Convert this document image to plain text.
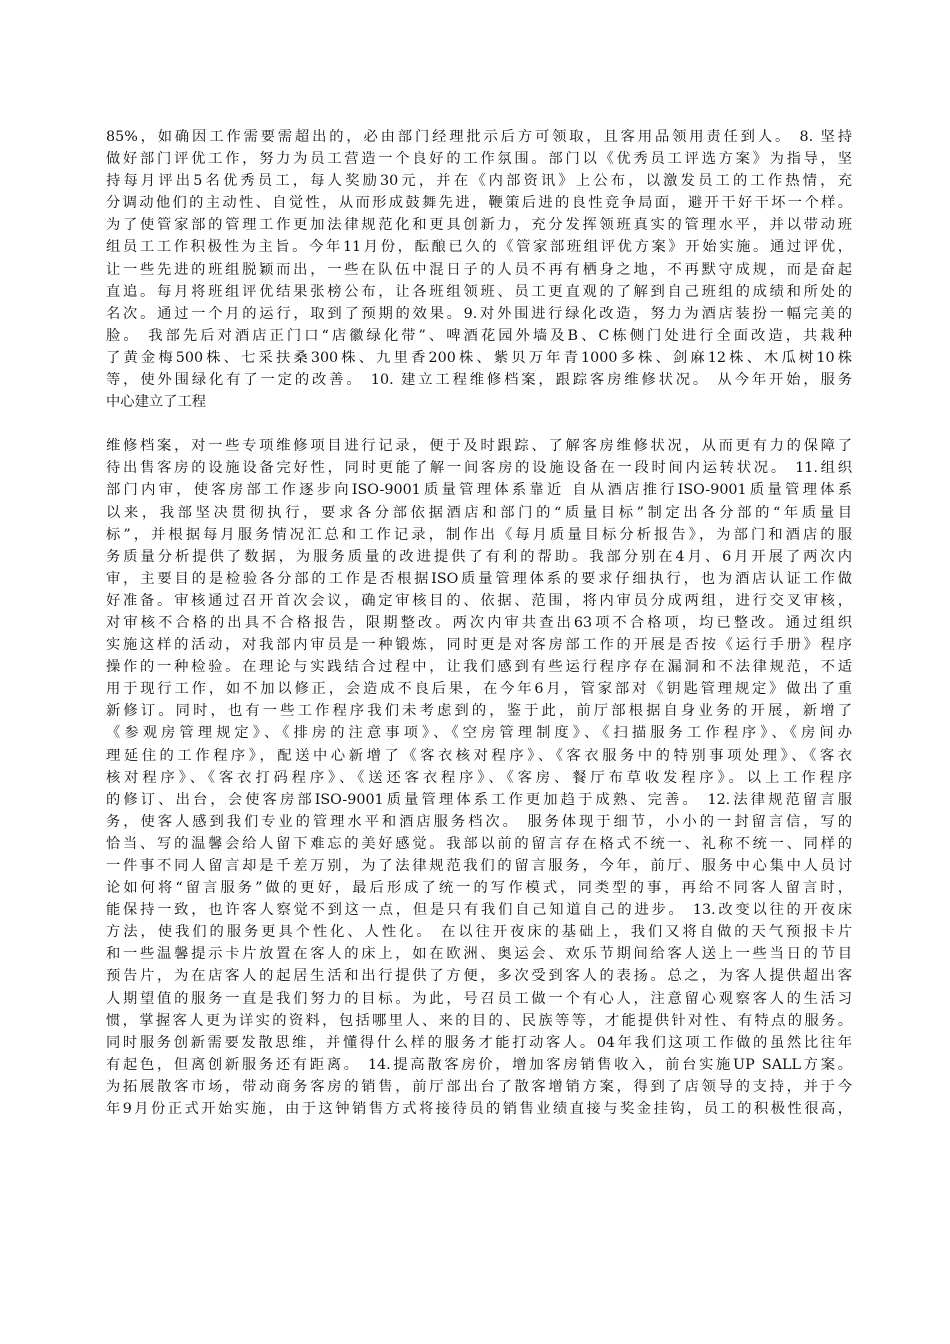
85%，如确因工作需要需超出的，必由部门经理批示后方可领取，且客用品领用责任到人。 8. 坚持
做好部门评优工作，努力为员工营造一个良好的工作氛围。部门以《优秀员工评选方案》为指导，坚
持每月评出5名优秀员工，每人奖励30元，并在《内部资讯》上公布，以激发员工的工作热情，充
分调动他们的主动性、自觉性，从而形成鼓舞先进，鞭策后进的良性竞争局面，避开干好干坏一个样。
为了使管家部的管理工作更加法律规范化和更具创新力，充分发挥领班真实的管理水平，并以带动班
组员工工作积极性为主旨。今年11月份，酝酿已久的《管家部班组评优方案》开始实施。通过评优，
让一些先进的班组脱颖而出，一些在队伍中混日子的人员不再有栖身之地，不再默守成规，而是奋起
直追。每月将班组评优结果张榜公布，让各班组领班、员工更直观的了解到自己班组的成绩和所处的
名次。通过一个月的运行，取到了预期的效果。9.对外围进行绿化改造，努力为酒店装扮一幅完美的
脸。 我部先后对酒店正门口“店徽绿化带”、啤酒花园外墙及B、C栋侧门处进行全面改造，共栽种
了黄金梅500株、七采扶桑300株、九里香200株、紫贝万年青1000多株、剑麻12株、木瓜树10株
等，使外围绿化有了一定的改善。 10. 建立工程维修档案，跟踪客房维修状况。 从今年开始，服务
中心建立了工程
维修档案，对一些专项维修项目进行记录，便于及时跟踪、了解客房维修状况，从而更有力的保障了
待出售客房的设施设备完好性，同时更能了解一间客房的设施设备在一段时间内运转状况。 11.组织
部门内审，使客房部工作逐步向ISO-9001质量管理体系靠近 自从酒店推行ISO-9001质量管理体系
以来，我部坚决贯彻执行，要求各分部依据酒店和部门的“质量目标”制定出各分部的“年质量目
标”，并根据每月服务情况汇总和工作记录，制作出《每月质量目标分析报告》，为部门和酒店的服
务质量分析提供了数据，为服务质量的改进提供了有利的帮助。我部分别在4月、6月开展了两次内
审，主要目的是检验各分部的工作是否根据ISO质量管理体系的要求仔细执行，也为酒店认证工作做
好准备。审核通过召开首次会议，确定审核目的、依据、范围，将内审员分成两组，进行交叉审核，
对审核不合格的出具不合格报告，限期整改。两次内审共查出63项不合格项，均已整改。通过组织
实施这样的活动，对我部内审员是一种锻炼，同时更是对客房部工作的开展是否按《运行手册》程序
操作的一种检验。在理论与实践结合过程中，让我们感到有些运行程序存在漏洞和不法律规范，不适
用于现行工作，如不加以修正，会造成不良后果，在今年6月，管家部对《钥匙管理规定》做出了重
新修订。同时，也有一些工作程序我们未考虑到的，鉴于此，前厅部根据自身业务的开展，新增了
《参观房管理规定》、《排房的注意事项》、《空房管理制度》、《扫描服务工作程序》、《房间办
理延住的工作程序》，配送中心新增了《客衣核对程序》、《客衣服务中的特别事项处理》、《客衣
核对程序》、《客衣打码程序》、《送还客衣程序》、《客房、餐厅布草收发程序》。以上工作程序
的修订、出台，会使客房部ISO-9001质量管理体系工作更加趋于成熟、完善。 12.法律规范留言服
务，使客人感到我们专业的管理水平和酒店服务档次。 服务体现于细节，小小的一封留言信，写的
恰当、写的温馨会给人留下难忘的美好感觉。我部以前的留言存在格式不统一、礼称不统一、同样的
一件事不同人留言却是千差万别，为了法律规范我们的留言服务，今年，前厅、服务中心集中人员讨
论如何将“留言服务”做的更好，最后形成了统一的写作模式，同类型的事，再给不同客人留言时，
能保持一致，也许客人察觉不到这一点，但是只有我们自己知道自己的进步。 13.改变以往的开夜床
方法，使我们的服务更具个性化、人性化。 在以往开夜床的基础上，我们又将自做的天气预报卡片
和一些温馨提示卡片放置在客人的床上，如在欧洲、奥运会、欢乐节期间给客人送上一些当日的节目
预告片，为在店客人的起居生活和出行提供了方便，多次受到客人的表扬。总之，为客人提供超出客
人期望值的服务一直是我们努力的目标。为此，号召员工做一个有心人，注意留心观察客人的生活习
惯，掌握客人更为详实的资料，包括哪里人、来的目的、民族等等，才能提供针对性、有特点的服务。
同时服务创新需要发散思维，并懂得什么样的服务才能打动客人。04年我们这项工作做的虽然比往年
有起色，但离创新服务还有距离。 14.提高散客房价，增加客房销售收入，前台实施UP SALL方案。
为拓展散客市场，带动商务客房的销售，前厅部出台了散客增销方案，得到了店领导的支持，并于今
年9月份正式开始实施，由于这钟销售方式将接待员的销售业绩直接与奖金挂钩，员工的积极性很高，
